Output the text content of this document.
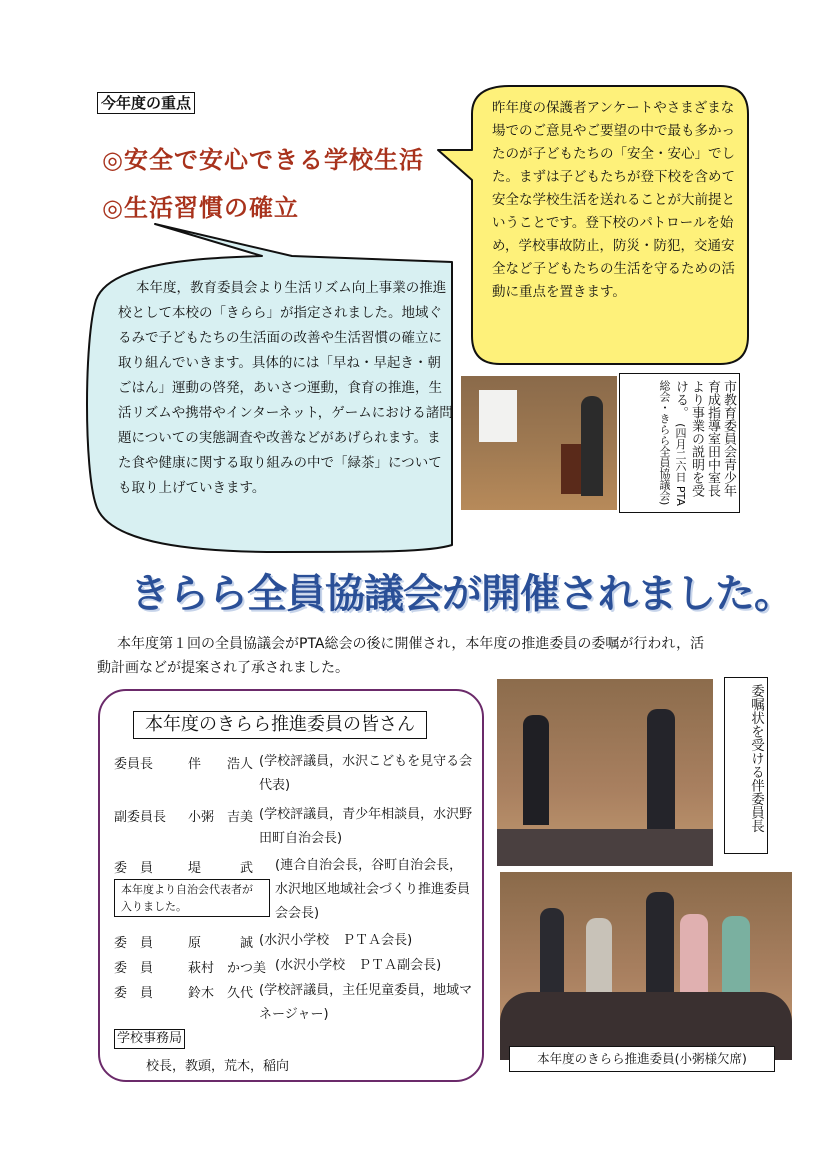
今年度の重点
◎安全で安心できる学校生活
◎生活習慣の確立
昨年度の保護者アンケートやさまざまな場でのご意見やご要望の中で最も多かったのが子どもたちの「安全・安心」でした。まずは子どもたちが登下校を含めて安全な学校生活を送れることが大前提ということです。登下校のパトロールを始め，学校事故防止，防災・防犯，交通安全など子どもたちの生活を守るための活動に重点を置きます。
本年度，教育委員会より生活リズム向上事業の推進校として本校の「きらら」が指定されました。地域ぐるみで子どもたちの生活面の改善や生活習慣の確立に取り組んでいきます。具体的には「早ね・早起き・朝ごはん」運動の啓発，あいさつ運動，食育の推進，生活リズムや携帯やインターネット，ゲームにおける諸問題についての実態調査や改善などがあげられます。また食や健康に関する取り組みの中で「緑茶」についても取り上げていきます。	市教育委員会青少年育成指導室田中室長より事業の説明を受ける。 (四月二六日 PTA総会・きらら全員協議会)
きらら全員協議会が開催されました。
本年度第１回の全員協議会がPTA総会の後に開催され，本年度の推進委員の委嘱が行われ，活動計画などが提案され了承されました。
本年度のきらら推進委員の皆さん
委員長	伴　　浩人 (学校評議員，水沢こどもを見守る会代表)
副委員長 小粥　吉美 (学校評議員，青少年相談員，水沢野田町自治会長)
委　員	堤　　　武	(連合自治会長，谷町自治会長，水沢地区地域社会づくり推進委員会会長)
本年度より自治会代表者が入りました。
委　員	原　　　誠 (水沢小学校　ＰＴＡ会長)
委　員	萩村　かつ美 (水沢小学校　ＰＴＡ副会長)
委　員	鈴木　久代 (学校評議員，主任児童委員，地域マネージャー)
学校事務局
校長，教頭，荒木，稲向
委嘱状を受ける伴委員長
本年度のきらら推進委員(小粥様欠席)
